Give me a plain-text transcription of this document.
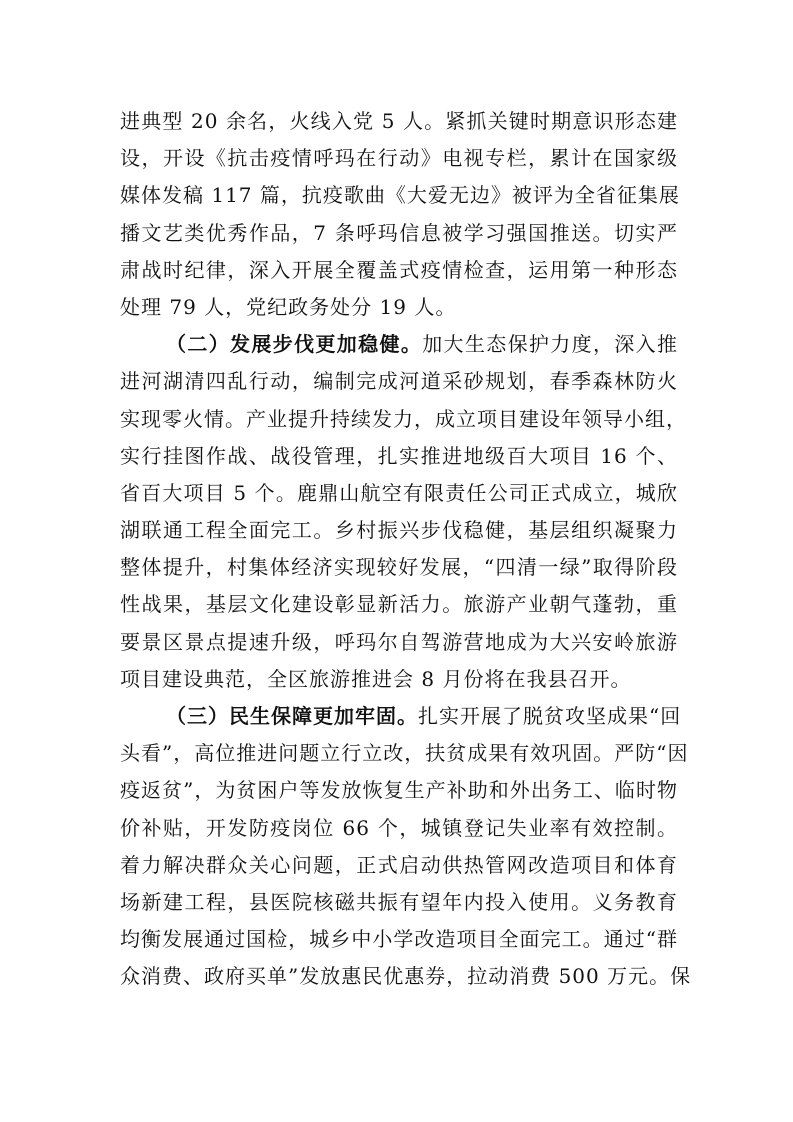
进典型 20 余名，火线入党 5 人。紧抓关键时期意识形态建
设，开设《抗击疫情呼玛在行动》电视专栏，累计在国家级
媒体发稿 117 篇，抗疫歌曲《大爱无边》被评为全省征集展
播文艺类优秀作品，7 条呼玛信息被学习强国推送。切实严
肃战时纪律，深入开展全覆盖式疫情检查，运用第一种形态
处理 79 人，党纪政务处分 19 人。
（二）发展步伐更加稳健。加大生态保护力度，深入推
进河湖清四乱行动，编制完成河道采砂规划，春季森林防火
实现零火情。产业提升持续发力，成立项目建设年领导小组，
实行挂图作战、战役管理，扎实推进地级百大项目 16 个、
省百大项目 5 个。鹿鼎山航空有限责任公司正式成立，城欣
湖联通工程全面完工。乡村振兴步伐稳健，基层组织凝聚力
整体提升，村集体经济实现较好发展，“四清一绿”取得阶段
性战果，基层文化建设彰显新活力。旅游产业朝气蓬勃，重
要景区景点提速升级，呼玛尔自驾游营地成为大兴安岭旅游
项目建设典范，全区旅游推进会 8 月份将在我县召开。
（三）民生保障更加牢固。扎实开展了脱贫攻坚成果“回
头看”，高位推进问题立行立改，扶贫成果有效巩固。严防“因
疫返贫”，为贫困户等发放恢复生产补助和外出务工、临时物
价补贴，开发防疫岗位 66 个，城镇登记失业率有效控制。
着力解决群众关心问题，正式启动供热管网改造项目和体育
场新建工程，县医院核磁共振有望年内投入使用。义务教育
均衡发展通过国检，城乡中小学改造项目全面完工。通过“群
众消费、政府买单”发放惠民优惠券，拉动消费 500 万元。保
